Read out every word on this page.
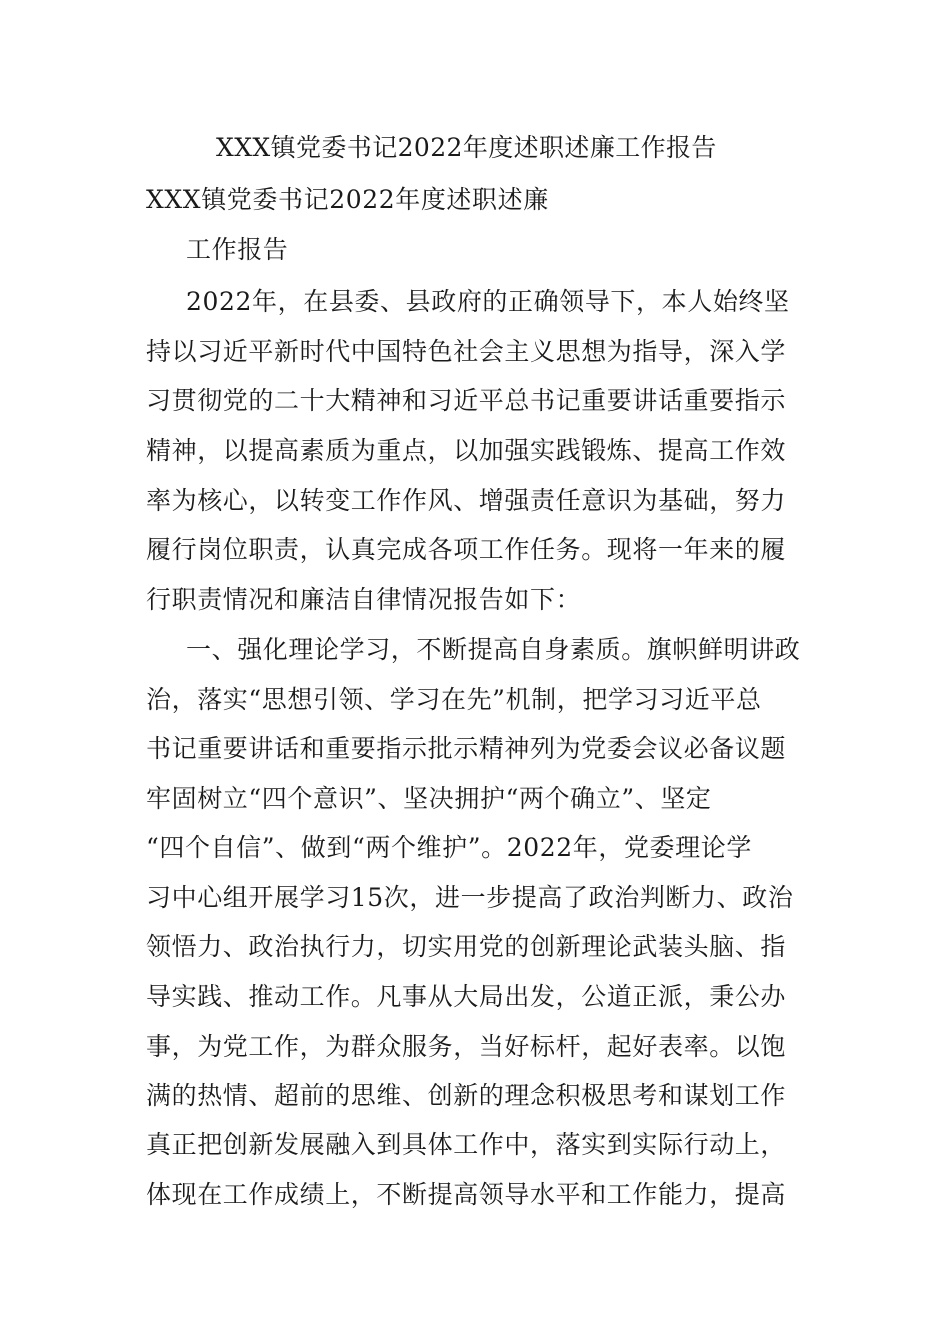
XXX镇党委书记2022年度述职述廉工作报告
XXX镇党委书记2022年度述职述廉
工作报告
2022年，在县委、县政府的正确领导下，本人始终坚
持以习近平新时代中国特色社会主义思想为指导，深入学
习贯彻党的二十大精神和习近平总书记重要讲话重要指示
精神，以提高素质为重点，以加强实践锻炼、提高工作效
率为核心，以转变工作作风、增强责任意识为基础，努力
履行岗位职责，认真完成各项工作任务。现将一年来的履
行职责情况和廉洁自律情况报告如下：
一、强化理论学习，不断提高自身素质。旗帜鲜明讲政
治，落实“思想引领、学习在先”机制，把学习习近平总
书记重要讲话和重要指示批示精神列为党委会议必备议题
牢固树立“四个意识”、坚决拥护“两个确立”、坚定
“四个自信”、做到“两个维护”。2022年，党委理论学
习中心组开展学习15次，进一步提高了政治判断力、政治
领悟力、政治执行力，切实用党的创新理论武装头脑、指
导实践、推动工作。凡事从大局出发，公道正派，秉公办
事，为党工作，为群众服务，当好标杆，起好表率。以饱
满的热情、超前的思维、创新的理念积极思考和谋划工作
真正把创新发展融入到具体工作中，落实到实际行动上，
体现在工作成绩上，不断提高领导水平和工作能力，提高
